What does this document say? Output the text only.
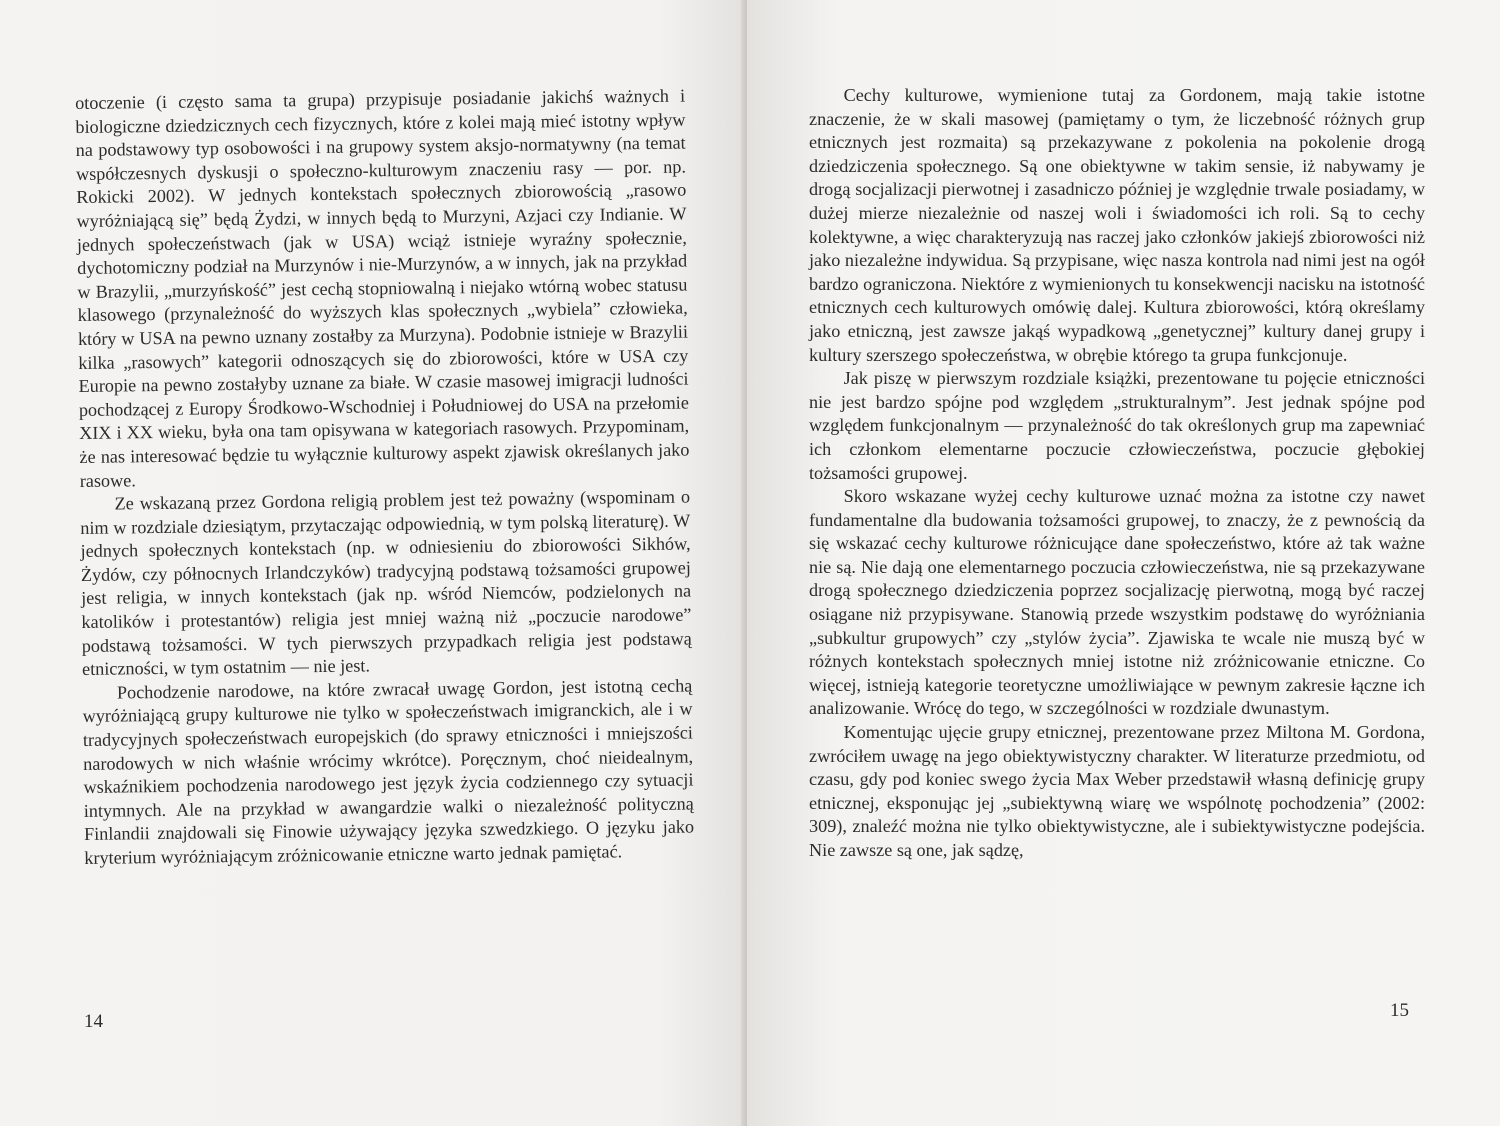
otoczenie (i często sama ta grupa) przypisuje posiadanie jakichś ważnych i biologiczne dziedzicznych cech fizycznych, które z kolei mają mieć istotny wpływ na podstawowy typ osobowości i na grupowy system aksjo-normatywny (na temat współczesnych dyskusji o społeczno-kulturowym znaczeniu rasy — por. np. Rokicki 2002). W jednych kontekstach społecznych zbiorowością „rasowo wyróżniającą się” będą Żydzi, w innych będą to Murzyni, Azjaci czy Indianie. W jednych społeczeństwach (jak w USA) wciąż istnieje wyraźny społecznie, dychotomiczny podział na Murzynów i nie-Murzynów, a w innych, jak na przykład w Brazylii, „murzyńskość” jest cechą stopniowalną i niejako wtórną wobec statusu klasowego (przynależność do wyższych klas społecznych „wybiela” człowieka, który w USA na pewno uznany zostałby za Murzyna). Podobnie istnieje w Brazylii kilka „rasowych” kategorii odnoszących się do zbiorowości, które w USA czy Europie na pewno zostałyby uznane za białe. W czasie masowej imigracji ludności pochodzącej z Europy Środkowo-Wschodniej i Południowej do USA na przełomie XIX i XX wieku, była ona tam opisywana w kategoriach rasowych. Przypominam, że nas interesować będzie tu wyłącznie kulturowy aspekt zjawisk określanych jako rasowe.

Ze wskazaną przez Gordona religią problem jest też poważny (wspominam o nim w rozdziale dziesiątym, przytaczając odpowiednią, w tym polską literaturę). W jednych społecznych kontekstach (np. w odniesieniu do zbiorowości Sikhów, Żydów, czy północnych Irlandczyków) tradycyjną podstawą tożsamości grupowej jest religia, w innych kontekstach (jak np. wśród Niemców, podzielonych na katolików i protestantów) religia jest mniej ważną niż „poczucie narodowe” podstawą tożsamości. W tych pierwszych przypadkach religia jest podstawą etniczności, w tym ostatnim — nie jest.

Pochodzenie narodowe, na które zwracał uwagę Gordon, jest istotną cechą wyróżniającą grupy kulturowe nie tylko w społeczeństwach imigranckich, ale i w tradycyjnych społeczeństwach europejskich (do sprawy etniczności i mniejszości narodowych w nich właśnie wrócimy wkrótce). Poręcznym, choć nieidealnym, wskaźnikiem pochodzenia narodowego jest język życia codziennego czy sytuacji intymnych. Ale na przykład w awangardzie walki o niezależność polityczną Finlandii znajdowali się Finowie używający języka szwedzkiego. O języku jako kryterium wyróżniającym zróżnicowanie etniczne warto jednak pamiętać.

14

Cechy kulturowe, wymienione tutaj za Gordonem, mają takie istotne znaczenie, że w skali masowej (pamiętamy o tym, że liczebność różnych grup etnicznych jest rozmaita) są przekazywane z pokolenia na pokolenie drogą dziedziczenia społecznego. Są one obiektywne w takim sensie, iż nabywamy je drogą socjalizacji pierwotnej i zasadniczo później je względnie trwale posiadamy, w dużej mierze niezależnie od naszej woli i świadomości ich roli. Są to cechy kolektywne, a więc charakteryzują nas raczej jako członków jakiejś zbiorowości niż jako niezależne indywidua. Są przypisane, więc nasza kontrola nad nimi jest na ogół bardzo ograniczona. Niektóre z wymienionych tu konsekwencji nacisku na istotność etnicznych cech kulturowych omówię dalej. Kultura zbiorowości, którą określamy jako etniczną, jest zawsze jakąś wypadkową „genetycznej” kultury danej grupy i kultury szerszego społeczeństwa, w obrębie którego ta grupa funkcjonuje.

Jak piszę w pierwszym rozdziale książki, prezentowane tu pojęcie etniczności nie jest bardzo spójne pod względem „strukturalnym”. Jest jednak spójne pod względem funkcjonalnym — przynależność do tak określonych grup ma zapewniać ich członkom elementarne poczucie człowieczeństwa, poczucie głębokiej tożsamości grupowej.

Skoro wskazane wyżej cechy kulturowe uznać można za istotne czy nawet fundamentalne dla budowania tożsamości grupowej, to znaczy, że z pewnością da się wskazać cechy kulturowe różnicujące dane społeczeństwo, które aż tak ważne nie są. Nie dają one elementarnego poczucia człowieczeństwa, nie są przekazywane drogą społecznego dziedziczenia poprzez socjalizację pierwotną, mogą być raczej osiągane niż przypisywane. Stanowią przede wszystkim podstawę do wyróżniania „subkultur grupowych” czy „stylów życia”. Zjawiska te wcale nie muszą być w różnych kontekstach społecznych mniej istotne niż zróżnicowanie etniczne. Co więcej, istnieją kategorie teoretyczne umożliwiające w pewnym zakresie łączne ich analizowanie. Wrócę do tego, w szczególności w rozdziale dwunastym.

Komentując ujęcie grupy etnicznej, prezentowane przez Miltona M. Gordona, zwróciłem uwagę na jego obiektywistyczny charakter. W literaturze przedmiotu, od czasu, gdy pod koniec swego życia Max Weber przedstawił własną definicję grupy etnicznej, eksponując jej „subiektywną wiarę we wspólnotę pochodzenia” (2002: 309), znaleźć można nie tylko obiektywistyczne, ale i subiektywistyczne podejścia. Nie zawsze są one, jak sądzę,

15
